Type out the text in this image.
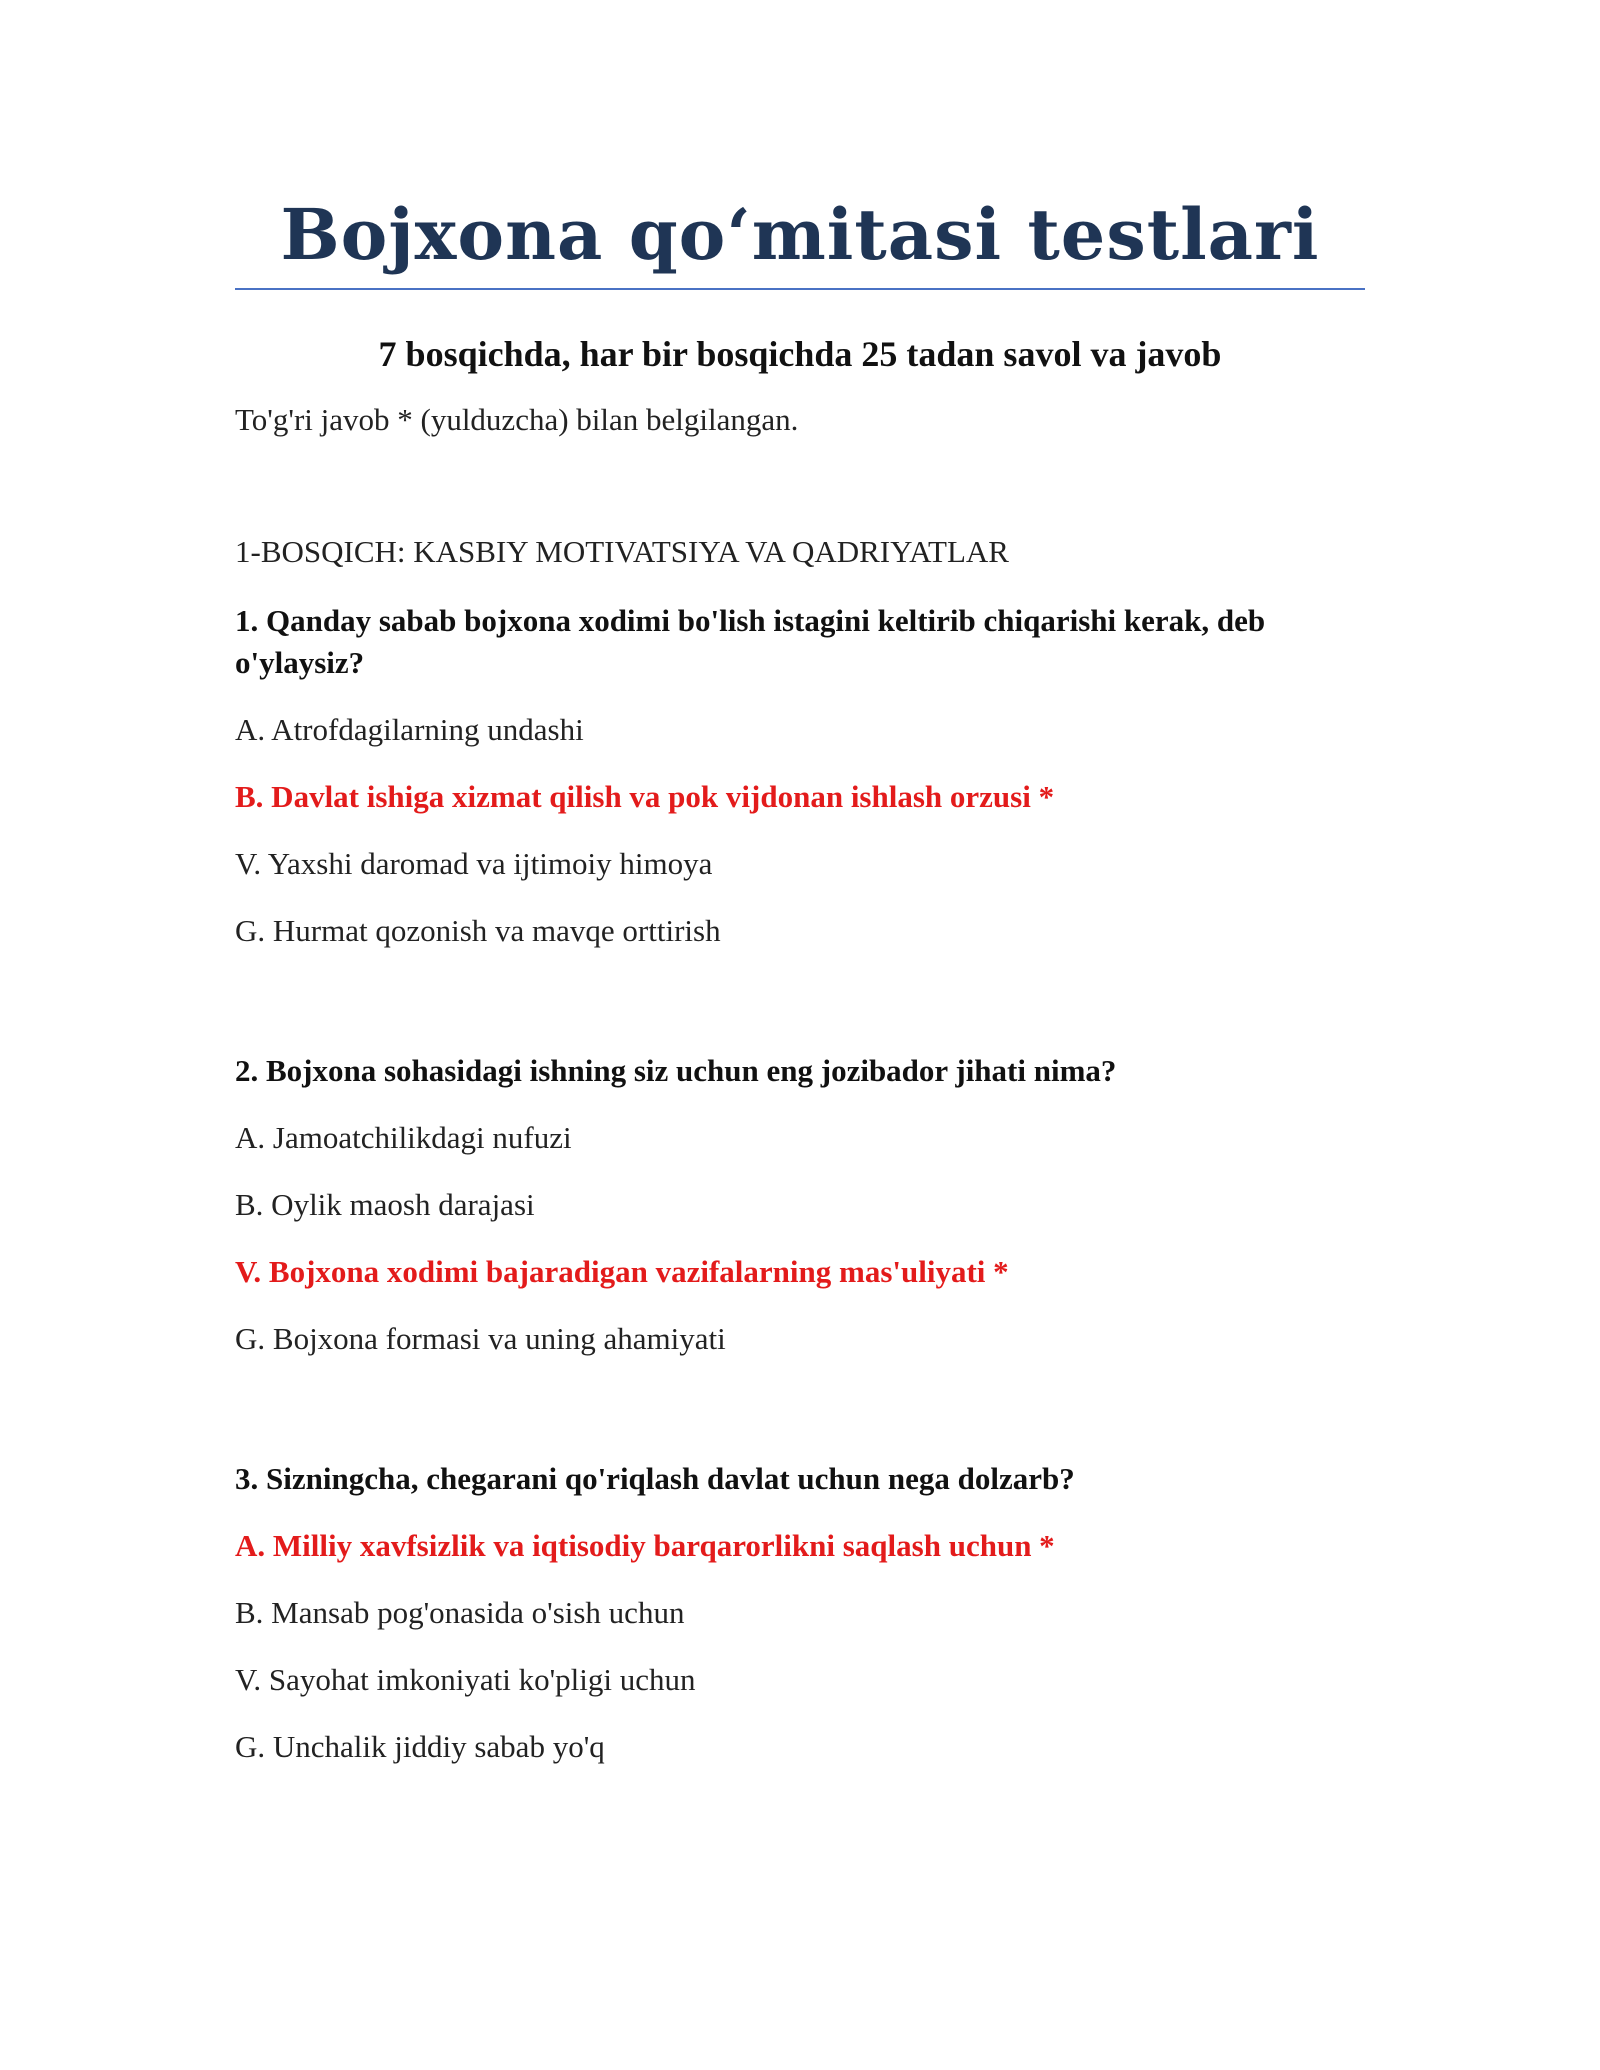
Bojxona qo‘mitasi testlari

7 bosqichda, har bir bosqichda 25 tadan savol va javob

To'g'ri javob * (yulduzcha) bilan belgilangan.

1-BOSQICH: KASBIY MOTIVATSIYA VA QADRIYATLAR

1. Qanday sabab bojxona xodimi bo'lish istagini keltirib chiqarishi kerak, deb o'ylaysiz?

A. Atrofdagilarning undashi

B. Davlat ishiga xizmat qilish va pok vijdonan ishlash orzusi *

V. Yaxshi daromad va ijtimoiy himoya

G. Hurmat qozonish va mavqe orttirish

2. Bojxona sohasidagi ishning siz uchun eng jozibador jihati nima?

A. Jamoatchilikdagi nufuzi

B. Oylik maosh darajasi

V. Bojxona xodimi bajaradigan vazifalarning mas'uliyati *

G. Bojxona formasi va uning ahamiyati

3. Sizningcha, chegarani qo'riqlash davlat uchun nega dolzarb?

A. Milliy xavfsizlik va iqtisodiy barqarorlikni saqlash uchun *

B. Mansab pog'onasida o'sish uchun

V. Sayohat imkoniyati ko'pligi uchun

G. Unchalik jiddiy sabab yo'q
